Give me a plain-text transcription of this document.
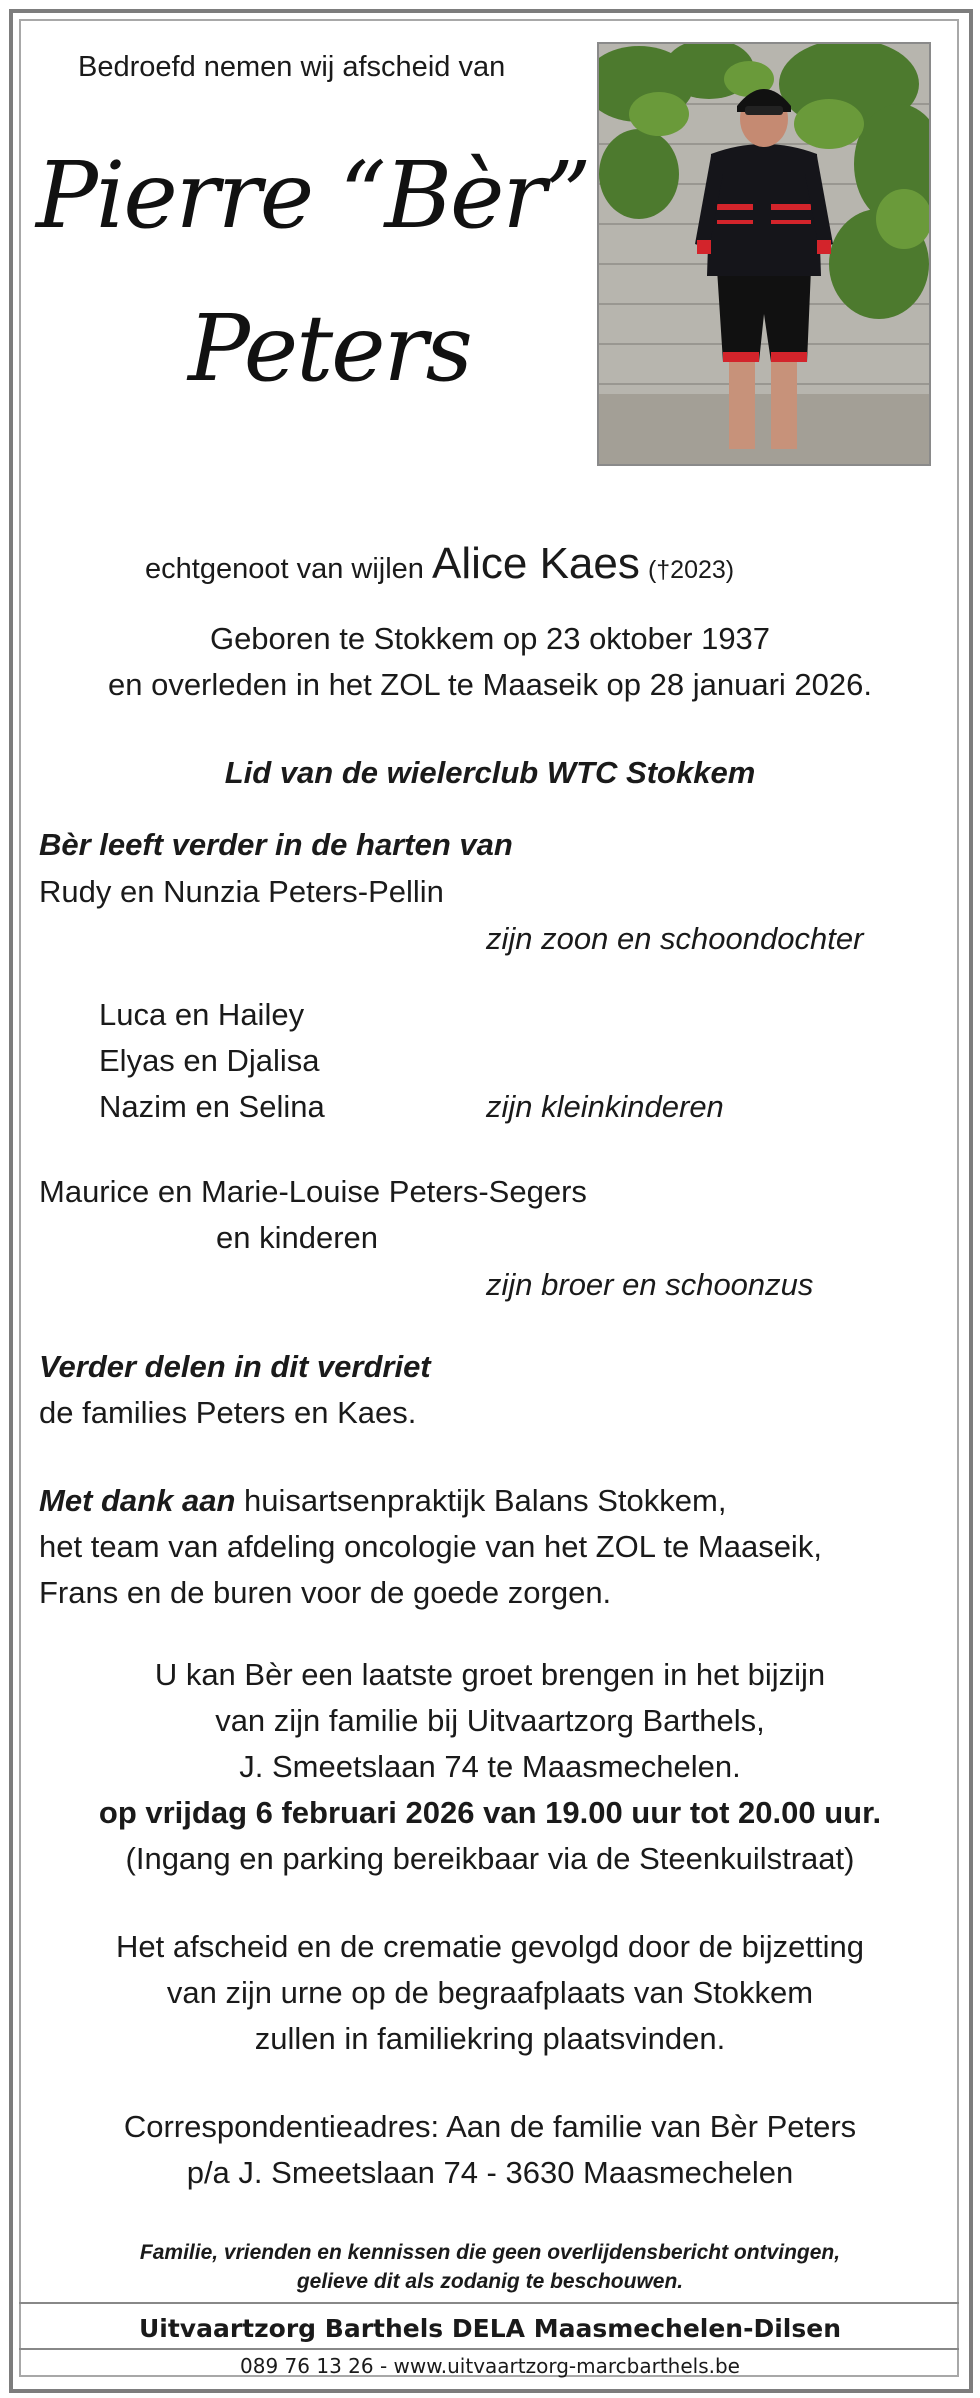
Bedroefd nemen wij afscheid van

Pierre “Bèr”

Peters

echtgenoot van wijlen Alice Kaes (†2023)

Geboren te Stokkem op 23 oktober 1937

en overleden in het ZOL te Maaseik op 28 januari 2026.

Lid van de wielerclub WTC Stokkem

Bèr leeft verder in de harten van

Rudy en Nunzia Peters-Pellin

zijn zoon en schoondochter

Luca en Hailey

Elyas en Djalisa

Nazim en Selina	zijn kleinkinderen

Maurice en Marie-Louise Peters-Segers

en kinderen

zijn broer en schoonzus

Verder delen in dit verdriet

de families Peters en Kaes.

Met dank aan huisartsenpraktijk Balans Stokkem,

het team van afdeling oncologie van het ZOL te Maaseik,

Frans en de buren voor de goede zorgen.

U kan Bèr een laatste groet brengen in het bijzijn

van zijn familie bij Uitvaartzorg Barthels,

J. Smeetslaan 74 te Maasmechelen.

op vrijdag 6 februari 2026 van 19.00 uur tot 20.00 uur.

(Ingang en parking bereikbaar via de Steenkuilstraat)

Het afscheid en de crematie gevolgd door de bijzetting

van zijn urne op de begraafplaats van Stokkem

zullen in familiekring plaatsvinden.

Correspondentieadres: Aan de familie van Bèr Peters

p/a J. Smeetslaan 74 - 3630 Maasmechelen

Familie, vrienden en kennissen die geen overlijdensbericht ontvingen,

gelieve dit als zodanig te beschouwen.

Uitvaartzorg Barthels DELA Maasmechelen-Dilsen

089 76 13 26 - www.uitvaartzorg-marcbarthels.be
